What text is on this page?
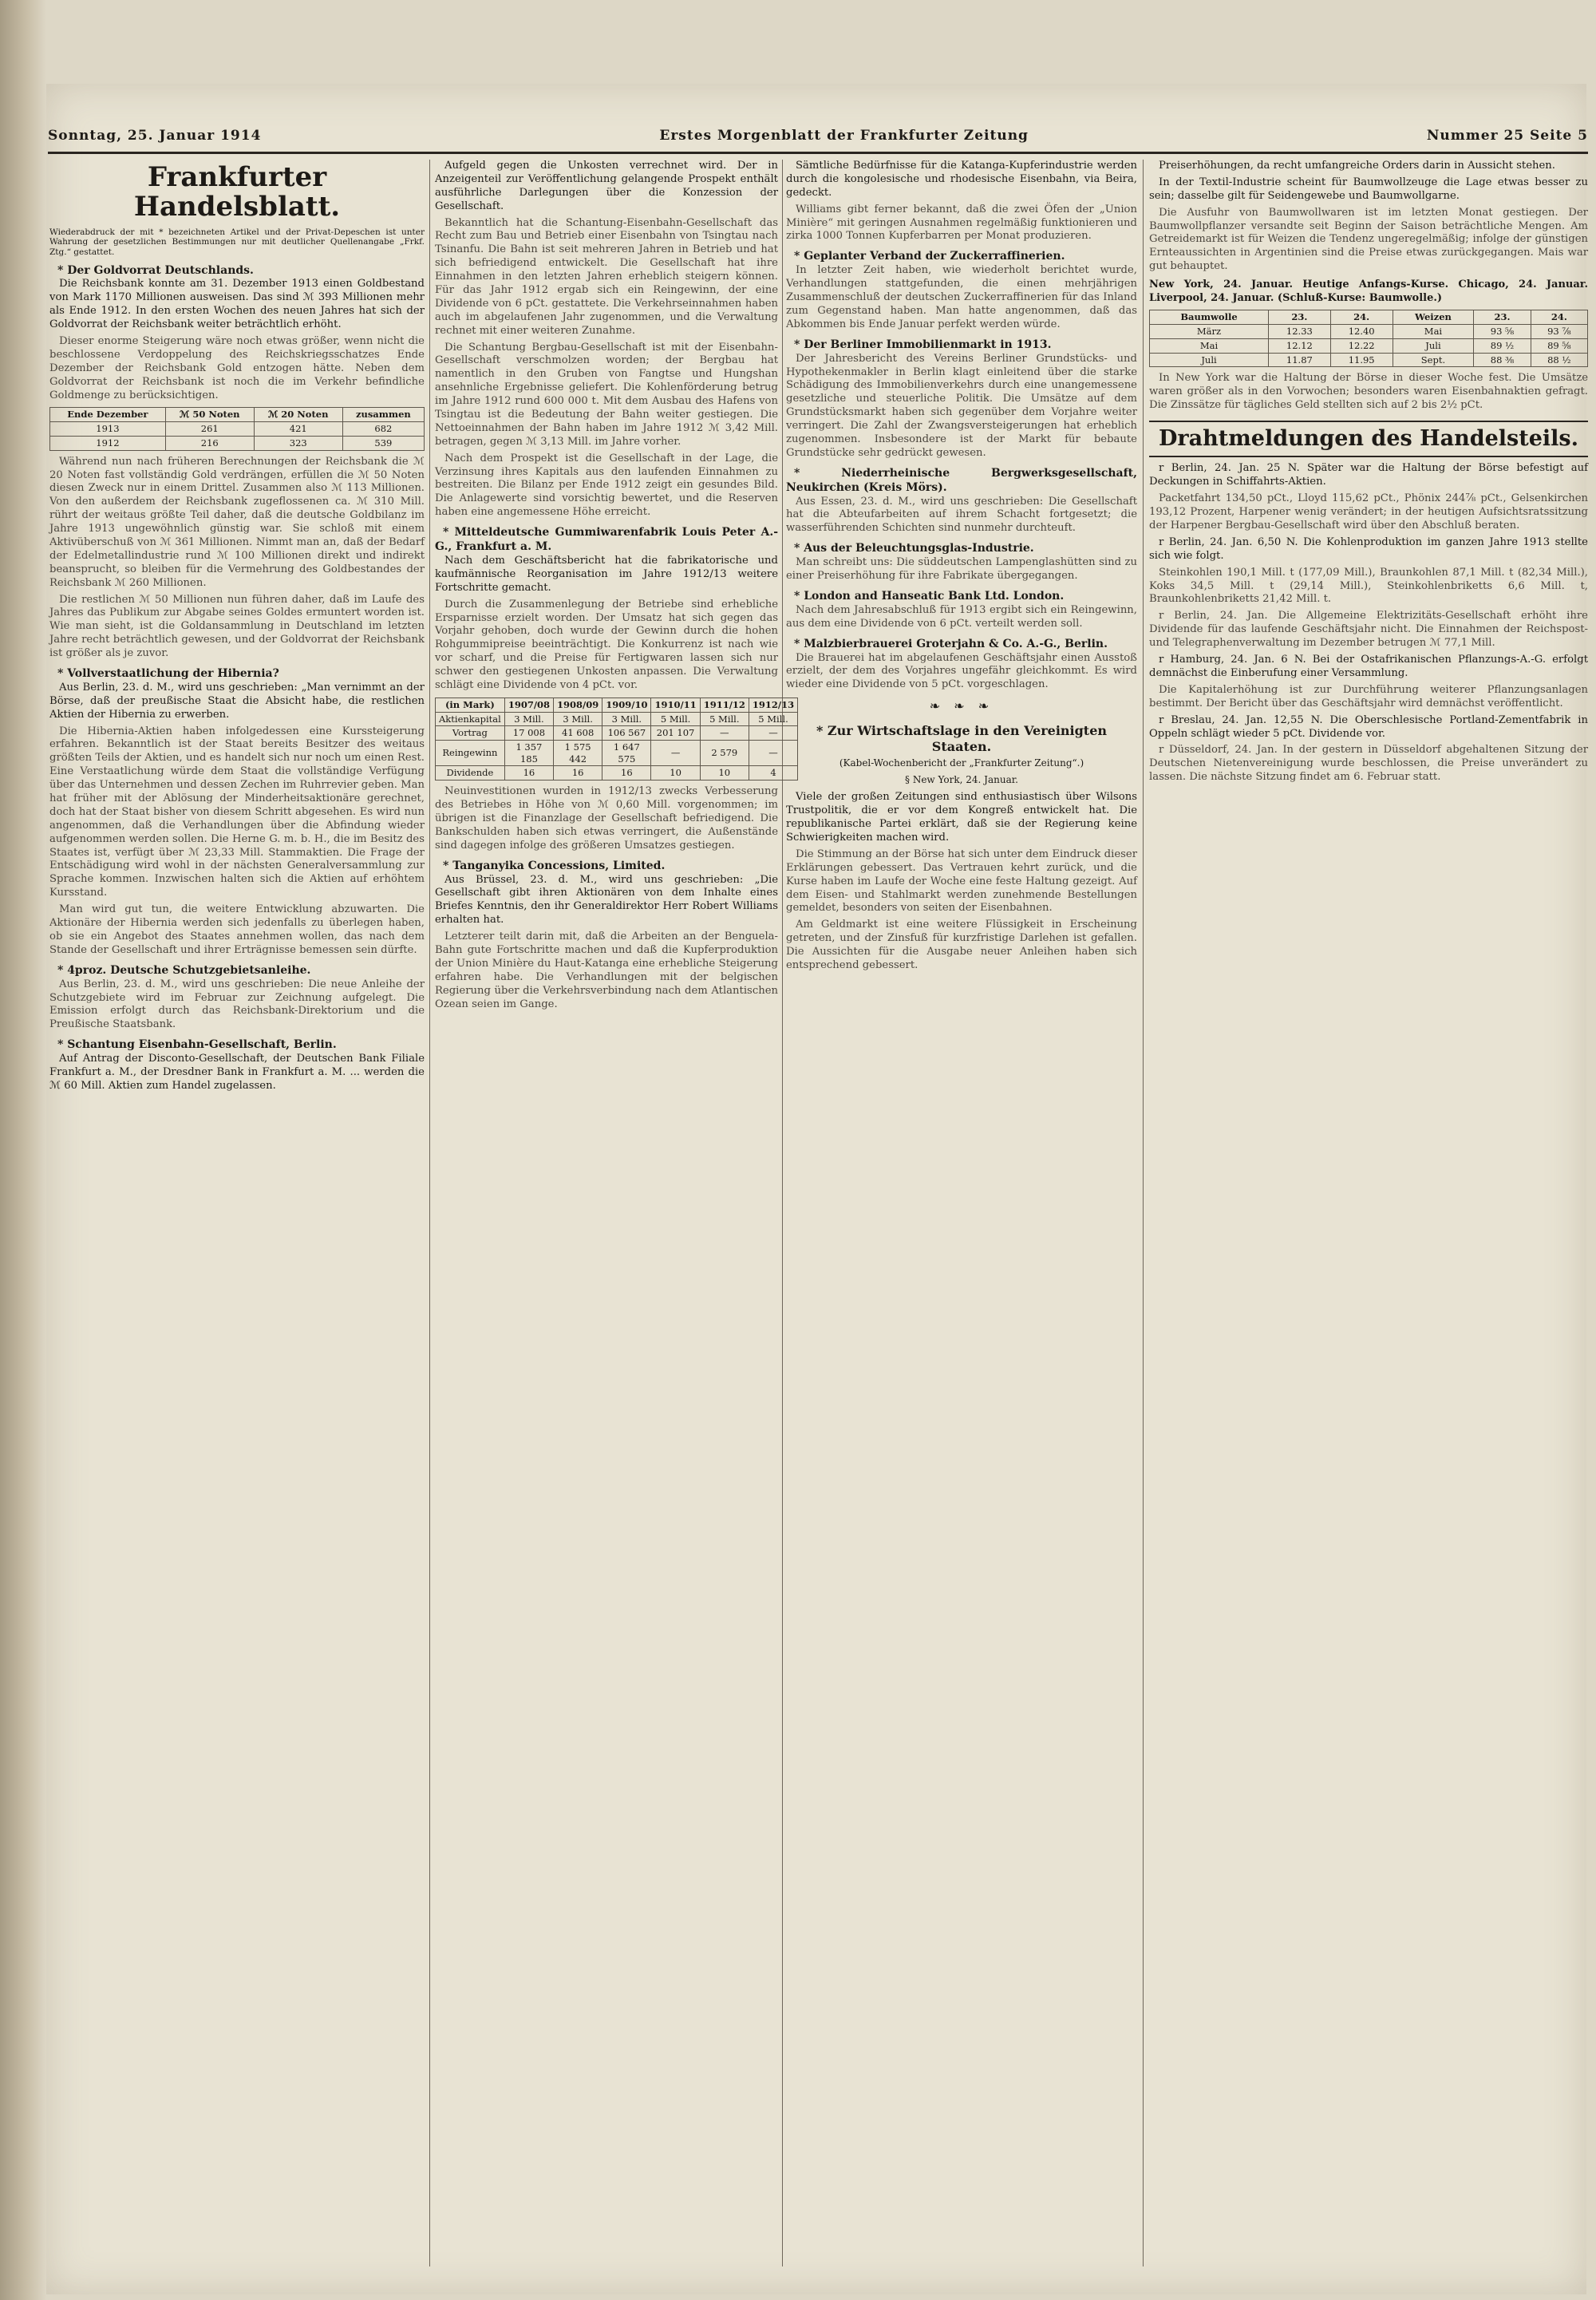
Sonntag, 25. Januar 1914	Erstes Morgenblatt der Frankfurter Zeitung	Nummer 25 Seite 5
Frankfurter Handelsblatt.
Wiederabdruck der mit * bezeichneten Artikel und der Privat-Depeschen ist unter Wahrung der gesetzlichen Bestimmungen nur mit deutlicher Quellenangabe „Frkf. Ztg.“ gestattet.
* Der Goldvorrat Deutschlands.
Die Reichsbank konnte am 31. Dezember 1913 einen Goldbestand von Mark 1170 Millionen ausweisen. Das sind ℳ 393 Millionen mehr als Ende 1912. In den ersten Wochen des neuen Jahres hat sich der Goldvorrat der Reichsbank weiter beträchtlich erhöht.
Dieser enorme Steigerung wäre noch etwas größer, wenn nicht die beschlossene Verdoppelung des Reichskriegsschatzes Ende Dezember der Reichsbank Gold entzogen hätte. Neben dem Goldvorrat der Reichsbank ist noch die im Verkehr befindliche Goldmenge zu berücksichtigen.
Ende Dezember	ℳ 50 Noten	ℳ 20 Noten	zusammen
1913	261	421	682
1912	216	323	539
Während nun nach früheren Berechnungen der Reichsbank die ℳ 20 Noten fast vollständig Gold verdrängen, erfüllen die ℳ 50 Noten diesen Zweck nur in einem Drittel. Zusammen also ℳ 113 Millionen. Von den außerdem der Reichsbank zugeflossenen ca. ℳ 310 Mill. rührt der weitaus größte Teil daher, daß die deutsche Goldbilanz im Jahre 1913 ungewöhnlich günstig war. Sie schloß mit einem Aktivüberschuß von ℳ 361 Millionen. Nimmt man an, daß der Bedarf der Edelmetallindustrie rund ℳ 100 Millionen direkt und indirekt beansprucht, so bleiben für die Vermehrung des Goldbestandes der Reichsbank ℳ 260 Millionen.
Die restlichen ℳ 50 Millionen nun führen daher, daß im Laufe des Jahres das Publikum zur Abgabe seines Goldes ermuntert worden ist. Wie man sieht, ist die Goldansammlung in Deutschland im letzten Jahre recht beträchtlich gewesen, und der Goldvorrat der Reichsbank ist größer als je zuvor.
* Vollverstaatlichung der Hibernia?
Aus Berlin, 23. d. M., wird uns geschrieben: „Man vernimmt an der Börse, daß der preußische Staat die Absicht habe, die restlichen Aktien der Hibernia zu erwerben.
Die Hibernia-Aktien haben infolgedessen eine Kurssteigerung erfahren. Bekanntlich ist der Staat bereits Besitzer des weitaus größten Teils der Aktien, und es handelt sich nur noch um einen Rest. Eine Verstaatlichung würde dem Staat die vollständige Verfügung über das Unternehmen und dessen Zechen im Ruhrrevier geben. Man hat früher mit der Ablösung der Minderheitsaktionäre gerechnet, doch hat der Staat bisher von diesem Schritt abgesehen. Es wird nun angenommen, daß die Verhandlungen über die Abfindung wieder aufgenommen werden sollen. Die Herne G. m. b. H., die im Besitz des Staates ist, verfügt über ℳ 23,33 Mill. Stammaktien. Die Frage der Entschädigung wird wohl in der nächsten Generalversammlung zur Sprache kommen. Inzwischen halten sich die Aktien auf erhöhtem Kursstand.
Man wird gut tun, die weitere Entwicklung abzuwarten. Die Aktionäre der Hibernia werden sich jedenfalls zu überlegen haben, ob sie ein Angebot des Staates annehmen wollen, das nach dem Stande der Gesellschaft und ihrer Erträgnisse bemessen sein dürfte.
* 4proz. Deutsche Schutzgebietsanleihe.
Aus Berlin, 23. d. M., wird uns geschrieben: Die neue Anleihe der Schutzgebiete wird im Februar zur Zeichnung aufgelegt. Die Emission erfolgt durch das Reichsbank-Direktorium und die Preußische Staatsbank.
* Schantung Eisenbahn-Gesellschaft, Berlin.
Auf Antrag der Disconto-Gesellschaft, der Deutschen Bank Filiale Frankfurt a. M., der Dresdner Bank in Frankfurt a. M. ... werden die ℳ 60 Mill. Aktien zum Handel zugelassen.
Aufgeld gegen die Unkosten verrechnet wird. Der in Anzeigenteil zur Veröffentlichung gelangende Prospekt enthält ausführliche Darlegungen über die Konzession der Gesellschaft.
Bekanntlich hat die Schantung-Eisenbahn-Gesellschaft das Recht zum Bau und Betrieb einer Eisenbahn von Tsingtau nach Tsinanfu. Die Bahn ist seit mehreren Jahren in Betrieb und hat sich befriedigend entwickelt. Die Gesellschaft hat ihre Einnahmen in den letzten Jahren erheblich steigern können. Für das Jahr 1912 ergab sich ein Reingewinn, der eine Dividende von 6 pCt. gestattete. Die Verkehrseinnahmen haben auch im abgelaufenen Jahr zugenommen, und die Verwaltung rechnet mit einer weiteren Zunahme.
Die Schantung Bergbau-Gesellschaft ist mit der Eisenbahn-Gesellschaft verschmolzen worden; der Bergbau hat namentlich in den Gruben von Fangtse und Hungshan ansehnliche Ergebnisse geliefert. Die Kohlenförderung betrug im Jahre 1912 rund 600 000 t. Mit dem Ausbau des Hafens von Tsingtau ist die Bedeutung der Bahn weiter gestiegen. Die Nettoeinnahmen der Bahn haben im Jahre 1912 ℳ 3,42 Mill. betragen, gegen ℳ 3,13 Mill. im Jahre vorher.
Nach dem Prospekt ist die Gesellschaft in der Lage, die Verzinsung ihres Kapitals aus den laufenden Einnahmen zu bestreiten. Die Bilanz per Ende 1912 zeigt ein gesundes Bild. Die Anlagewerte sind vorsichtig bewertet, und die Reserven haben eine angemessene Höhe erreicht.
* Mitteldeutsche Gummiwarenfabrik Louis Peter A.-G., Frankfurt a. M.
Nach dem Geschäftsbericht hat die fabrikatorische und kaufmännische Reorganisation im Jahre 1912/13 weitere Fortschritte gemacht.
Durch die Zusammenlegung der Betriebe sind erhebliche Ersparnisse erzielt worden. Der Umsatz hat sich gegen das Vorjahr gehoben, doch wurde der Gewinn durch die hohen Rohgummipreise beeinträchtigt. Die Konkurrenz ist nach wie vor scharf, und die Preise für Fertigwaren lassen sich nur schwer den gestiegenen Unkosten anpassen. Die Verwaltung schlägt eine Dividende von 4 pCt. vor.
(in Mark)	1907/08	1908/09	1909/10	1910/11	1911/12	1912/13
Aktienkapital	3 Mill.	3 Mill.	3 Mill.	5 Mill.	5 Mill.	5 Mill.
Vortrag	17 008	41 608	106 567	201 107	—	—
Reingewinn	1 357 185	1 575 442	1 647 575	—	2 579	—
Dividende	16	16	16	10	10	4
Neuinvestitionen wurden in 1912/13 zwecks Verbesserung des Betriebes in Höhe von ℳ 0,60 Mill. vorgenommen; im übrigen ist die Finanzlage der Gesellschaft befriedigend. Die Bankschulden haben sich etwas verringert, die Außenstände sind dagegen infolge des größeren Umsatzes gestiegen.
* Tanganyika Concessions, Limited.
Aus Brüssel, 23. d. M., wird uns geschrieben: „Die Gesellschaft gibt ihren Aktionären von dem Inhalte eines Briefes Kenntnis, den ihr Generaldirektor Herr Robert Williams erhalten hat.
Letzterer teilt darin mit, daß die Arbeiten an der Benguela-Bahn gute Fortschritte machen und daß die Kupferproduktion der Union Minière du Haut-Katanga eine erhebliche Steigerung erfahren habe. Die Verhandlungen mit der belgischen Regierung über die Verkehrsverbindung nach dem Atlantischen Ozean seien im Gange.
Sämtliche Bedürfnisse für die Katanga-Kupferindustrie werden durch die kongolesische und rhodesische Eisenbahn, via Beira, gedeckt.
Williams gibt ferner bekannt, daß die zwei Öfen der „Union Minière“ mit geringen Ausnahmen regelmäßig funktionieren und zirka 1000 Tonnen Kupferbarren per Monat produzieren.
* Geplanter Verband der Zuckerraffinerien.
In letzter Zeit haben, wie wiederholt berichtet wurde, Verhandlungen stattgefunden, die einen mehrjährigen Zusammenschluß der deutschen Zuckerraffinerien für das Inland zum Gegenstand haben. Man hatte angenommen, daß das Abkommen bis Ende Januar perfekt werden würde.
* Der Berliner Immobilienmarkt in 1913.
Der Jahresbericht des Vereins Berliner Grundstücks- und Hypothekenmakler in Berlin klagt einleitend über die starke Schädigung des Immobilienverkehrs durch eine unangemessene gesetzliche und steuerliche Politik. Die Umsätze auf dem Grundstücksmarkt haben sich gegenüber dem Vorjahre weiter verringert. Die Zahl der Zwangsversteigerungen hat erheblich zugenommen. Insbesondere ist der Markt für bebaute Grundstücke sehr gedrückt gewesen.
* Niederrheinische Bergwerksgesellschaft, Neukirchen (Kreis Mörs).
Aus Essen, 23. d. M., wird uns geschrieben: Die Gesellschaft hat die Abteufarbeiten auf ihrem Schacht fortgesetzt; die wasserführenden Schichten sind nunmehr durchteuft.
* Aus der Beleuchtungsglas-Industrie.
Man schreibt uns: Die süddeutschen Lampenglashütten sind zu einer Preiserhöhung für ihre Fabrikate übergegangen.
* London and Hanseatic Bank Ltd. London.
Nach dem Jahresabschluß für 1913 ergibt sich ein Reingewinn, aus dem eine Dividende von 6 pCt. verteilt werden soll.
* Malzbierbrauerei Groterjahn & Co. A.-G., Berlin.
Die Brauerei hat im abgelaufenen Geschäftsjahr einen Ausstoß erzielt, der dem des Vorjahres ungefähr gleichkommt. Es wird wieder eine Dividende von 5 pCt. vorgeschlagen.
❧ ❧ ❧
* Zur Wirtschaftslage in den Vereinigten Staaten.
(Kabel-Wochenbericht der „Frankfurter Zeitung“.)
§ New York, 24. Januar.
Viele der großen Zeitungen sind enthusiastisch über Wilsons Trustpolitik, die er vor dem Kongreß entwickelt hat. Die republikanische Partei erklärt, daß sie der Regierung keine Schwierigkeiten machen wird.
Die Stimmung an der Börse hat sich unter dem Eindruck dieser Erklärungen gebessert. Das Vertrauen kehrt zurück, und die Kurse haben im Laufe der Woche eine feste Haltung gezeigt. Auf dem Eisen- und Stahlmarkt werden zunehmende Bestellungen gemeldet, besonders von seiten der Eisenbahnen.
Am Geldmarkt ist eine weitere Flüssigkeit in Erscheinung getreten, und der Zinsfuß für kurzfristige Darlehen ist gefallen. Die Aussichten für die Ausgabe neuer Anleihen haben sich entsprechend gebessert.
Preiserhöhungen, da recht umfangreiche Orders darin in Aussicht stehen.
In der Textil-Industrie scheint für Baumwollzeuge die Lage etwas besser zu sein; dasselbe gilt für Seidengewebe und Baumwollgarne.
Die Ausfuhr von Baumwollwaren ist im letzten Monat gestiegen. Der Baumwollpflanzer versandte seit Beginn der Saison beträchtliche Mengen. Am Getreidemarkt ist für Weizen die Tendenz ungeregelmäßig; infolge der günstigen Ernteaussichten in Argentinien sind die Preise etwas zurückgegangen. Mais war gut behauptet.
New York, 24. Januar. Heutige Anfangs-Kurse. Chicago, 24. Januar. Liverpool, 24. Januar. (Schluß-Kurse: Baumwolle.)
Baumwolle	23.	24.	Weizen	23.	24.
März	12.33	12.40	Mai	93 ⅝	93 ⅞
Mai	12.12	12.22	Juli	89 ½	89 ⅝
Juli	11.87	11.95	Sept.	88 ⅜	88 ½
In New York war die Haltung der Börse in dieser Woche fest. Die Umsätze waren größer als in den Vorwochen; besonders waren Eisenbahnaktien gefragt. Die Zinssätze für tägliches Geld stellten sich auf 2 bis 2½ pCt.
Drahtmeldungen des Handelsteils.
r Berlin, 24. Jan. 25 N. Später war die Haltung der Börse befestigt auf Deckungen in Schiffahrts-Aktien.
Packetfahrt 134,50 pCt., Lloyd 115,62 pCt., Phönix 244⅞ pCt., Gelsenkirchen 193,12 Prozent, Harpener wenig verändert; in der heutigen Aufsichtsratssitzung der Harpener Bergbau-Gesellschaft wird über den Abschluß beraten.
r Berlin, 24. Jan. 6,50 N. Die Kohlenproduktion im ganzen Jahre 1913 stellte sich wie folgt.
Steinkohlen 190,1 Mill. t (177,09 Mill.), Braunkohlen 87,1 Mill. t (82,34 Mill.), Koks 34,5 Mill. t (29,14 Mill.), Steinkohlenbriketts 6,6 Mill. t, Braunkohlenbriketts 21,42 Mill. t.
r Berlin, 24. Jan. Die Allgemeine Elektrizitäts-Gesellschaft erhöht ihre Dividende für das laufende Geschäftsjahr nicht. Die Einnahmen der Reichspost- und Telegraphenverwaltung im Dezember betrugen ℳ 77,1 Mill.
r Hamburg, 24. Jan. 6 N. Bei der Ostafrikanischen Pflanzungs-A.-G. erfolgt demnächst die Einberufung einer Versammlung.
Die Kapitalerhöhung ist zur Durchführung weiterer Pflanzungsanlagen bestimmt. Der Bericht über das Geschäftsjahr wird demnächst veröffentlicht.
r Breslau, 24. Jan. 12,55 N. Die Oberschlesische Portland-Zementfabrik in Oppeln schlägt wieder 5 pCt. Dividende vor.
r Düsseldorf, 24. Jan. In der gestern in Düsseldorf abgehaltenen Sitzung der Deutschen Nietenvereinigung wurde beschlossen, die Preise unverändert zu lassen. Die nächste Sitzung findet am 6. Februar statt.
